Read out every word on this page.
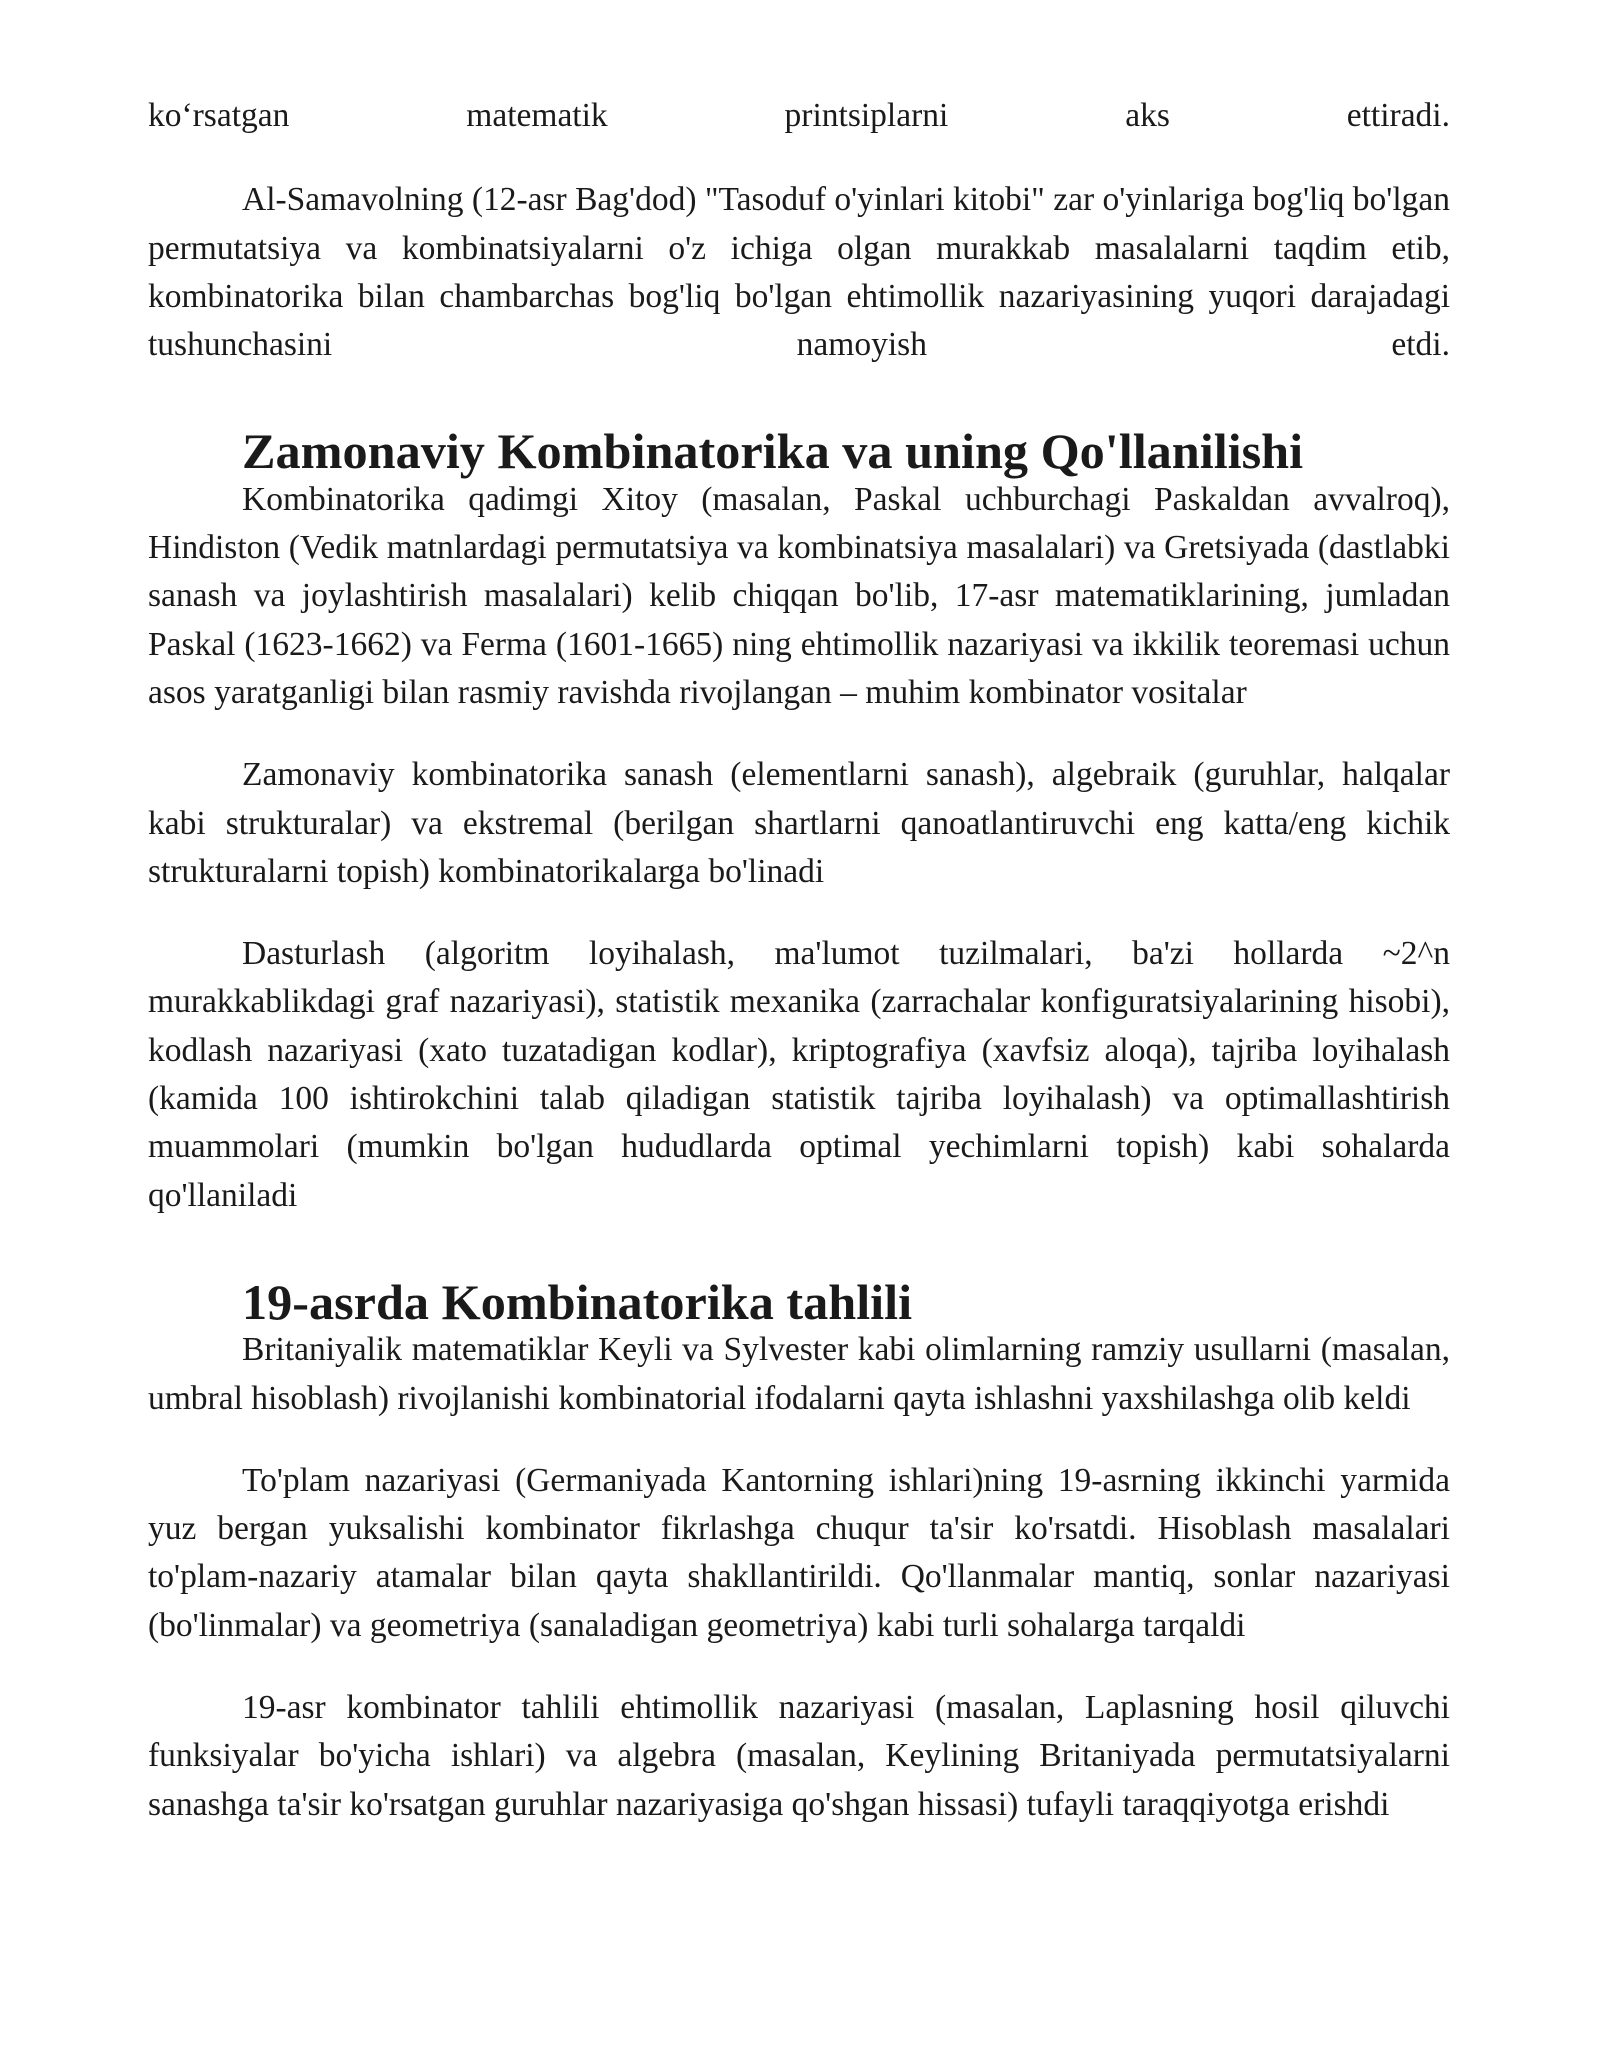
ko‘rsatgan matematik printsiplarni aks ettiradi.

Al-Samavolning (12-asr Bag'dod) "Tasoduf o'yinlari kitobi" zar o'yinlariga bog'liq bo'lgan permutatsiya va kombinatsiyalarni o'z ichiga olgan murakkab masalalarni taqdim etib, kombinatorika bilan chambarchas bog'liq bo'lgan ehtimollik nazariyasining yuqori darajadagi tushunchasini namoyish etdi.

Zamonaviy Kombinatorika va uning Qo'llanilishi

Kombinatorika qadimgi Xitoy (masalan, Paskal uchburchagi Paskaldan avvalroq), Hindiston (Vedik matnlardagi permutatsiya va kombinatsiya masalalari) va Gretsiyada (dastlabki sanash va joylashtirish masalalari) kelib chiqqan bo'lib, 17-asr matematiklarining, jumladan Paskal (1623-1662) va Ferma (1601-1665) ning ehtimollik nazariyasi va ikkilik teoremasi uchun asos yaratganligi bilan rasmiy ravishda rivojlangan – muhim kombinator vositalar

Zamonaviy kombinatorika sanash (elementlarni sanash), algebraik (guruhlar, halqalar kabi strukturalar) va ekstremal (berilgan shartlarni qanoatlantiruvchi eng katta/eng kichik strukturalarni topish) kombinatorikalarga bo'linadi

Dasturlash (algoritm loyihalash, ma'lumot tuzilmalari, ba'zi hollarda ~2^n murakkablikdagi graf nazariyasi), statistik mexanika (zarrachalar konfiguratsiyalarining hisobi), kodlash nazariyasi (xato tuzatadigan kodlar), kriptografiya (xavfsiz aloqa), tajriba loyihalash (kamida 100 ishtirokchini talab qiladigan statistik tajriba loyihalash) va optimallashtirish muammolari (mumkin bo'lgan hududlarda optimal yechimlarni topish) kabi sohalarda qo'llaniladi

19-asrda Kombinatorika tahlili

Britaniyalik matematiklar Keyli va Sylvester kabi olimlarning ramziy usullarni (masalan, umbral hisoblash) rivojlanishi kombinatorial ifodalarni qayta ishlashni yaxshilashga olib keldi

To'plam nazariyasi (Germaniyada Kantorning ishlari)ning 19-asrning ikkinchi yarmida yuz bergan yuksalishi kombinator fikrlashga chuqur ta'sir ko'rsatdi. Hisoblash masalalari to'plam-nazariy atamalar bilan qayta shakllantirildi. Qo'llanmalar mantiq, sonlar nazariyasi (bo'linmalar) va geometriya (sanaladigan geometriya) kabi turli sohalarga tarqaldi

19-asr kombinator tahlili ehtimollik nazariyasi (masalan, Laplasning hosil qiluvchi funksiyalar bo'yicha ishlari) va algebra (masalan, Keylining Britaniyada permutatsiyalarni sanashga ta'sir ko'rsatgan guruhlar nazariyasiga qo'shgan hissasi) tufayli taraqqiyotga erishdi
